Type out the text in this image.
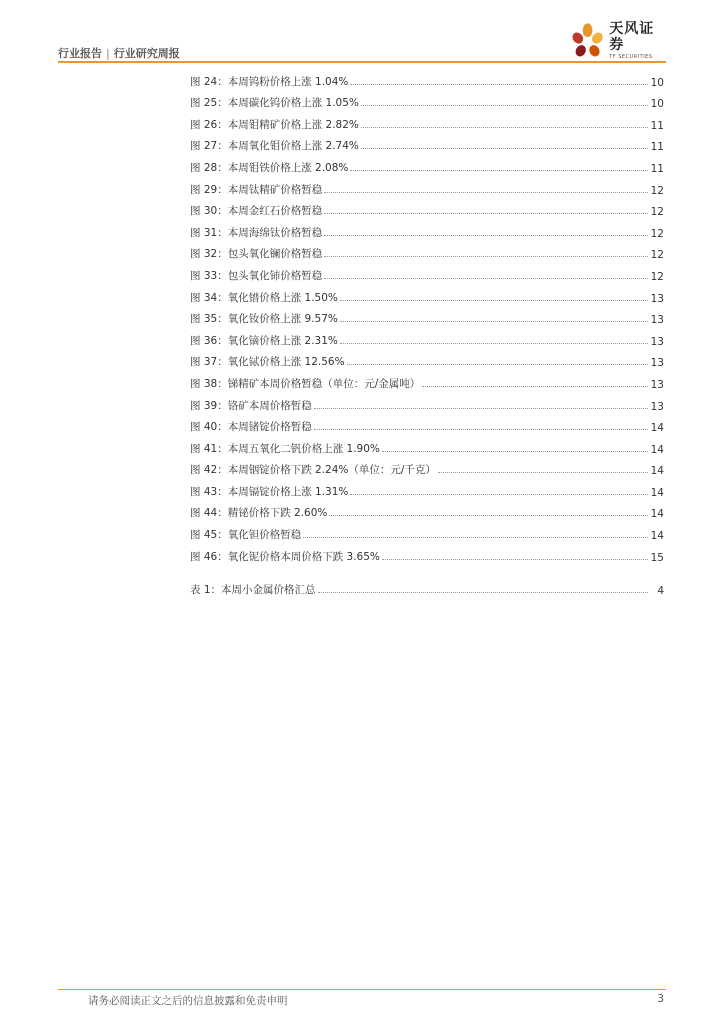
行业报告 | 行业研究周报
天风证券
TF SECURITIES
图 24：本周钨粉价格上涨 1.04%	10
图 25：本周碳化钨价格上涨 1.05%	10
图 26：本周钼精矿价格上涨 2.82%	11
图 27：本周氧化钼价格上涨 2.74%	11
图 28：本周钼铁价格上涨 2.08%	11
图 29：本周钛精矿价格暂稳	12
图 30：本周金红石价格暂稳	12
图 31：本周海绵钛价格暂稳	12
图 32：包头氧化镧价格暂稳	12
图 33：包头氧化铈价格暂稳	12
图 34：氧化镨价格上涨 1.50%	13
图 35：氧化钕价格上涨 9.57%	13
图 36：氧化镝价格上涨 2.31%	13
图 37：氧化铽价格上涨 12.56%	13
图 38：锑精矿本周价格暂稳（单位：元/金属吨）	13
图 39：铬矿本周价格暂稳	13
图 40：本周锗锭价格暂稳	14
图 41：本周五氧化二钒价格上涨 1.90%	14
图 42：本周铟锭价格下跌 2.24%（单位：元/千克）	14
图 43：本周镉锭价格上涨 1.31%	14
图 44：精铋价格下跌 2.60%	14
图 45：氧化钽价格暂稳	14
图 46：氧化铌价格本周价格下跌 3.65%	15
表 1：本周小金属价格汇总	4
请务必阅读正文之后的信息披露和免责申明	3
